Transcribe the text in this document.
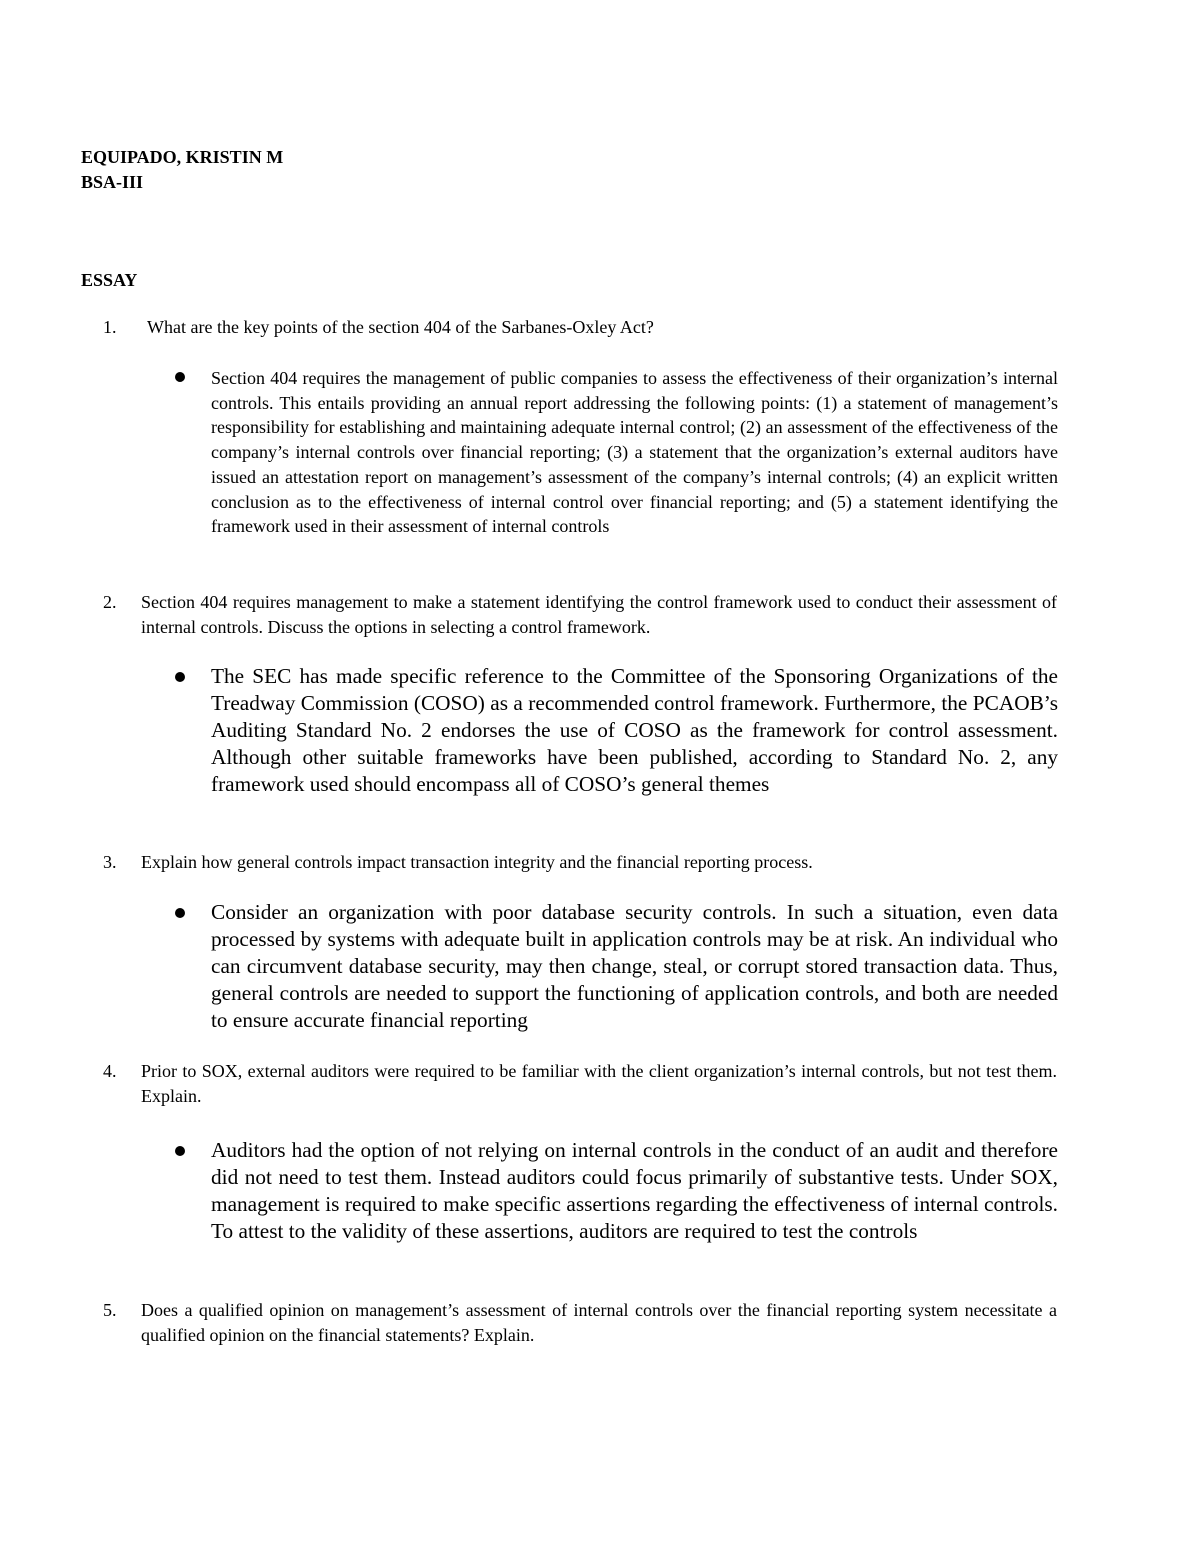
EQUIPADO, KRISTIN M
BSA-III
ESSAY
1. What are the key points of the section 404 of the Sarbanes-Oxley Act?
Section 404 requires the management of public companies to assess the effectiveness of their organization’s internal controls. This entails providing an annual report addressing the following points: (1) a statement of management’s responsibility for establishing and maintaining adequate internal control; (2) an assessment of the effectiveness of the company’s internal controls over financial reporting; (3) a statement that the organization’s external auditors have issued an attestation report on management’s assessment of the company’s internal controls; (4) an explicit written conclusion as to the effectiveness of internal control over financial reporting; and (5) a statement identifying the framework used in their assessment of internal controls
2. Section 404 requires management to make a statement identifying the control framework used to conduct their assessment of internal controls. Discuss the options in selecting a control framework.
The SEC has made specific reference to the Committee of the Sponsoring Organizations of the Treadway Commission (COSO) as a recommended control framework. Furthermore, the PCAOB’s Auditing Standard No. 2 endorses the use of COSO as the framework for control assessment. Although other suitable frameworks have been published, according to Standard No. 2, any framework used should encompass all of COSO’s general themes
3. Explain how general controls impact transaction integrity and the financial reporting process.
Consider an organization with poor database security controls. In such a situation, even data processed by systems with adequate built in application controls may be at risk. An individual who can circumvent database security, may then change, steal, or corrupt stored transaction data. Thus, general controls are needed to support the functioning of application controls, and both are needed to ensure accurate financial reporting
4. Prior to SOX, external auditors were required to be familiar with the client organization’s internal controls, but not test them. Explain.
Auditors had the option of not relying on internal controls in the conduct of an audit and therefore did not need to test them. Instead auditors could focus primarily of substantive tests. Under SOX, management is required to make specific assertions regarding the effectiveness of internal controls. To attest to the validity of these assertions, auditors are required to test the controls
5. Does a qualified opinion on management’s assessment of internal controls over the financial reporting system necessitate a qualified opinion on the financial statements? Explain.
